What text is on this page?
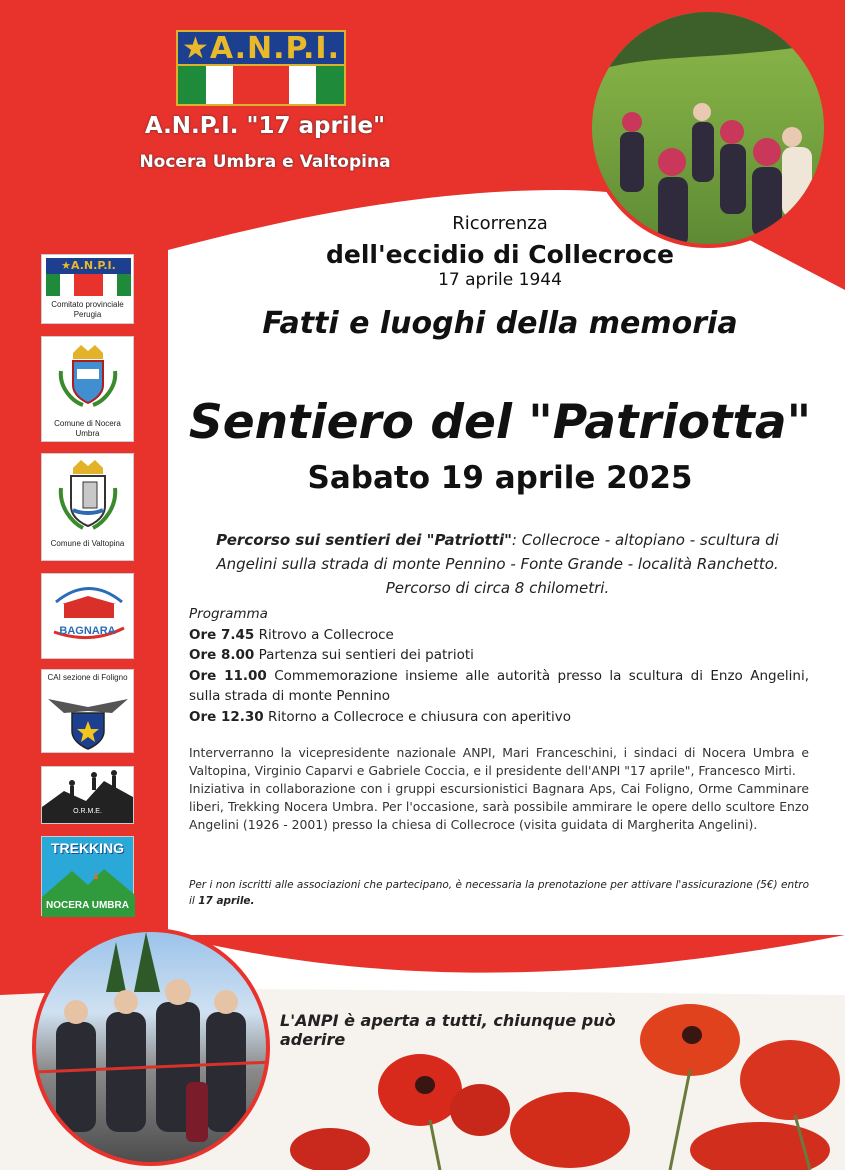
★A.N.P.I.
A.N.P.I. "17 aprile"
Nocera Umbra e Valtopina
★A.N.P.I.
Comitato provinciale Perugia
Comune di Nocera Umbra
Comune di Valtopina
BAGNARA
CAI sezione di Foligno
O.R.M.E.
TREKKING
NOCERA UMBRA
Ricorrenza
dell'eccidio di Collecroce
17 aprile 1944
Fatti e luoghi della memoria
Sentiero del "Patriotta"
Sabato 19 aprile 2025
Percorso sui sentieri dei "Patriotti": Collecroce - altopiano - scultura di Angelini sulla strada di monte Pennino - Fonte Grande - località Ranchetto.
Percorso di circa 8 chilometri.
Programma
Ore 7.45 Ritrovo a Collecroce
Ore 8.00 Partenza sui sentieri dei patrioti
Ore 11.00 Commemorazione insieme alle autorità presso la scultura di Enzo Angelini, sulla strada di monte Pennino
Ore 12.30 Ritorno a Collecroce e chiusura con aperitivo
Interverranno la vicepresidente nazionale ANPI, Mari Franceschini, i sindaci di Nocera Umbra e Valtopina, Virginio Caparvi e Gabriele Coccia, e il presidente dell'ANPI "17 aprile", Francesco Mirti.
Iniziativa in collaborazione con i gruppi escursionistici Bagnara Aps, Cai Foligno, Orme Camminare liberi, Trekking Nocera Umbra. Per l'occasione, sarà possibile ammirare le opere dello scultore Enzo Angelini (1926 - 2001) presso la chiesa di Collecroce (visita guidata di Margherita Angelini).
Per i non iscritti alle associazioni che partecipano, è necessaria la prenotazione per attivare l'assicurazione (5€) entro il 17 aprile.
L'ANPI è aperta a tutti, chiunque può aderire
